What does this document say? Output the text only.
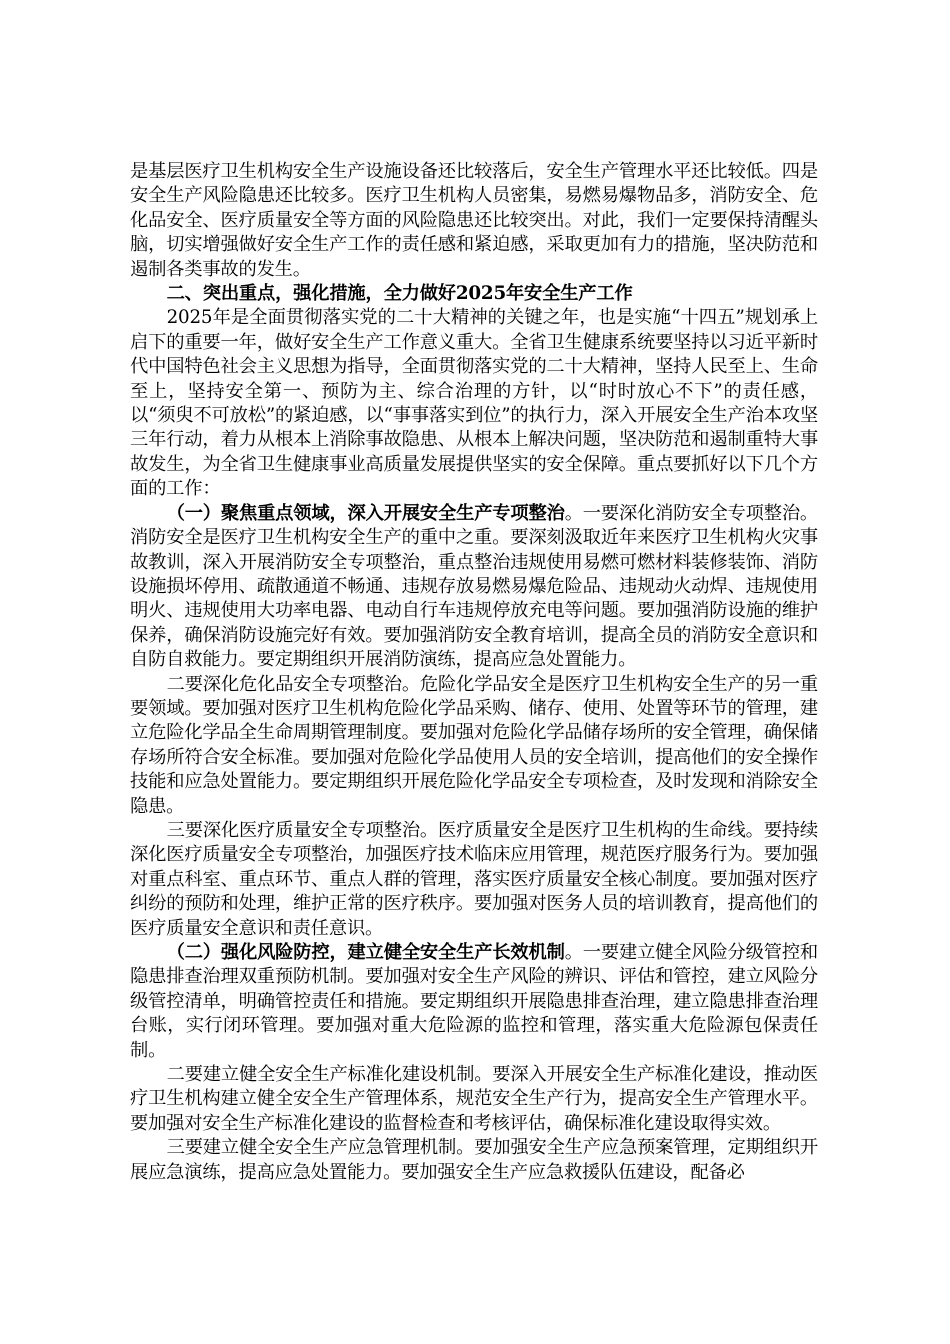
是基层医疗卫生机构安全生产设施设备还比较落后，安全生产管理水平还比较低。四是安全生产风险隐患还比较多。医疗卫生机构人员密集，易燃易爆物品多，消防安全、危化品安全、医疗质量安全等方面的风险隐患还比较突出。对此，我们一定要保持清醒头脑，切实增强做好安全生产工作的责任感和紧迫感，采取更加有力的措施，坚决防范和遏制各类事故的发生。

二、突出重点，强化措施，全力做好2025年安全生产工作

2025年是全面贯彻落实党的二十大精神的关键之年，也是实施“十四五”规划承上启下的重要一年，做好安全生产工作意义重大。全省卫生健康系统要坚持以习近平新时代中国特色社会主义思想为指导，全面贯彻落实党的二十大精神，坚持人民至上、生命至上，坚持安全第一、预防为主、综合治理的方针，以“时时放心不下”的责任感，以“须臾不可放松”的紧迫感，以“事事落实到位”的执行力，深入开展安全生产治本攻坚三年行动，着力从根本上消除事故隐患、从根本上解决问题，坚决防范和遏制重特大事故发生，为全省卫生健康事业高质量发展提供坚实的安全保障。重点要抓好以下几个方面的工作：

（一）聚焦重点领域，深入开展安全生产专项整治。一要深化消防安全专项整治。消防安全是医疗卫生机构安全生产的重中之重。要深刻汲取近年来医疗卫生机构火灾事故教训，深入开展消防安全专项整治，重点整治违规使用易燃可燃材料装修装饰、消防设施损坏停用、疏散通道不畅通、违规存放易燃易爆危险品、违规动火动焊、违规使用明火、违规使用大功率电器、电动自行车违规停放充电等问题。要加强消防设施的维护保养，确保消防设施完好有效。要加强消防安全教育培训，提高全员的消防安全意识和自防自救能力。要定期组织开展消防演练，提高应急处置能力。

二要深化危化品安全专项整治。危险化学品安全是医疗卫生机构安全生产的另一重要领域。要加强对医疗卫生机构危险化学品采购、储存、使用、处置等环节的管理，建立危险化学品全生命周期管理制度。要加强对危险化学品储存场所的安全管理，确保储存场所符合安全标准。要加强对危险化学品使用人员的安全培训，提高他们的安全操作技能和应急处置能力。要定期组织开展危险化学品安全专项检查，及时发现和消除安全隐患。

三要深化医疗质量安全专项整治。医疗质量安全是医疗卫生机构的生命线。要持续深化医疗质量安全专项整治，加强医疗技术临床应用管理，规范医疗服务行为。要加强对重点科室、重点环节、重点人群的管理，落实医疗质量安全核心制度。要加强对医疗纠纷的预防和处理，维护正常的医疗秩序。要加强对医务人员的培训教育，提高他们的医疗质量安全意识和责任意识。

（二）强化风险防控，建立健全安全生产长效机制。一要建立健全风险分级管控和隐患排查治理双重预防机制。要加强对安全生产风险的辨识、评估和管控，建立风险分级管控清单，明确管控责任和措施。要定期组织开展隐患排查治理，建立隐患排查治理台账，实行闭环管理。要加强对重大危险源的监控和管理，落实重大危险源包保责任制。

二要建立健全安全生产标准化建设机制。要深入开展安全生产标准化建设，推动医疗卫生机构建立健全安全生产管理体系，规范安全生产行为，提高安全生产管理水平。要加强对安全生产标准化建设的监督检查和考核评估，确保标准化建设取得实效。

三要建立健全安全生产应急管理机制。要加强安全生产应急预案管理，定期组织开展应急演练，提高应急处置能力。要加强安全生产应急救援队伍建设，配备必
